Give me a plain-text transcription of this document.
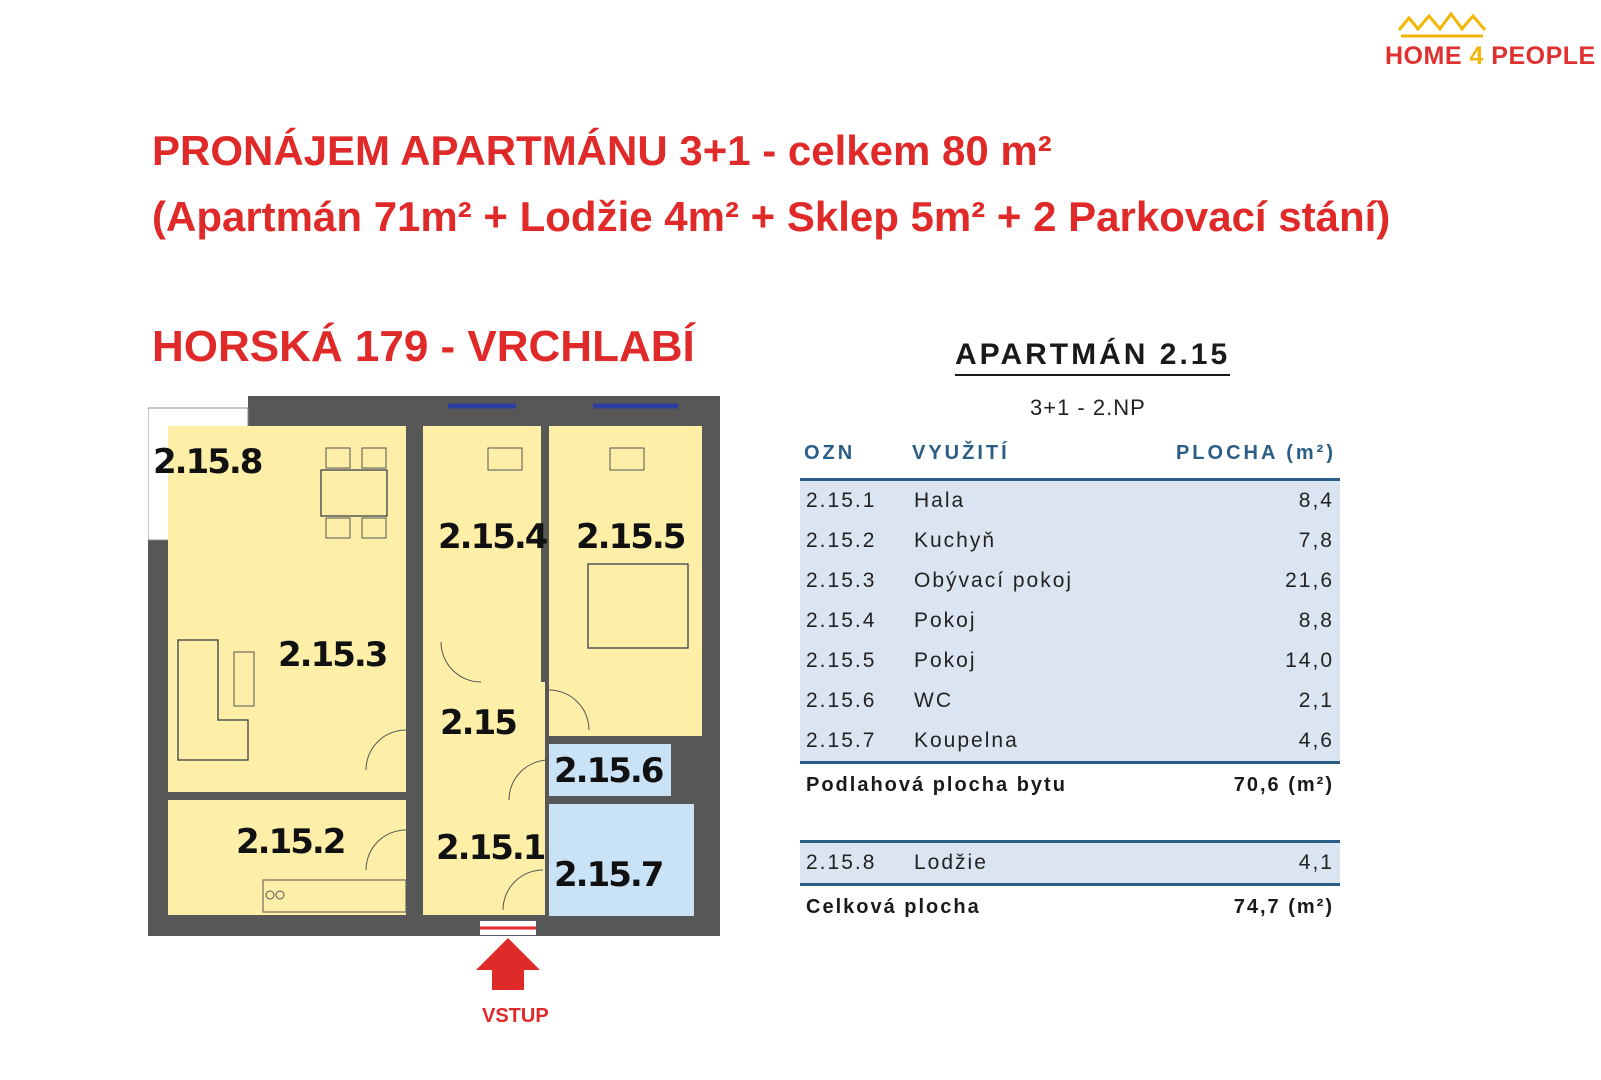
HOME 4 PEOPLE
PRONÁJEM APARTMÁNU 3+1 - celkem 80 m²
(Apartmán 71m² + Lodžie 4m² + Sklep 5m² + 2 Parkovací stání)
HORSKÁ 179 - VRCHLABÍ	APARTMÁN 2.15
3+1 - 2.NP
OZN	VYUŽITÍ	PLOCHA (m²)
2.15.1 Hala	8,4
2.15.2 Kuchyň	7,8
2.15.3 Obývací pokoj	21,6
2.15.4 Pokoj	8,8
2.15.5 Pokoj	14,0
2.15.6 WC	2,1
2.15.7 Koupelna	4,6
Podlahová plocha bytu	70,6 (m²)
2.15.8 Lodžie	4,1
Celková plocha	74,7 (m²)
2.15.8
2.15.3
2.15.4 2.15.5
2.15
2.15.6
2.15.2	2.15.1
2.15.7
VSTUP
